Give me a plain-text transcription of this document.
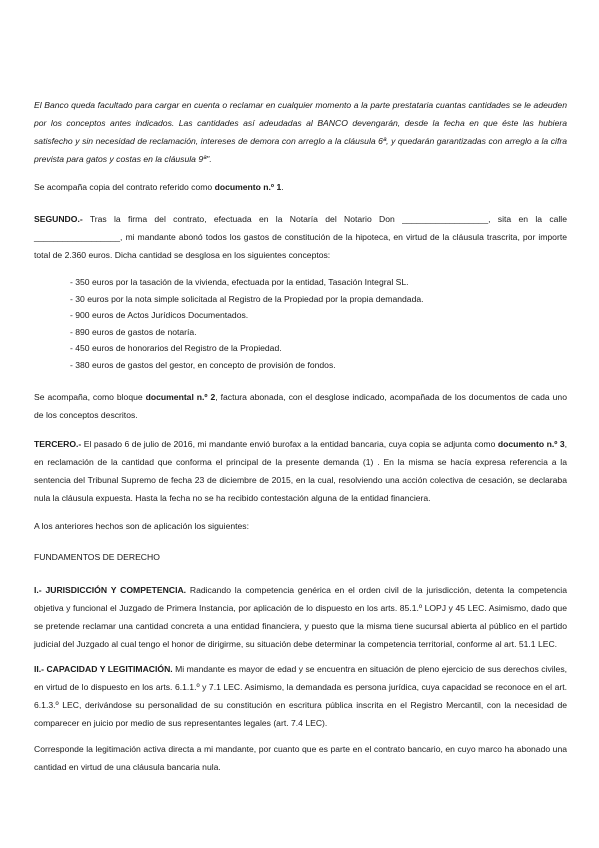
El Banco queda facultado para cargar en cuenta o reclamar en cualquier momento a la parte prestataria cuantas cantidades se le adeuden por los conceptos antes indicados. Las cantidades así adeudadas al BANCO devengarán, desde la fecha en que éste las hubiera satisfecho y sin necesidad de reclamación, intereses de demora con arreglo a la cláusula 6ª, y quedarán garantizadas con arreglo a la cifra prevista para gatos y costas en la cláusula 9ª".

Se acompaña copia del contrato referido como documento n.º 1.

SEGUNDO.- Tras la firma del contrato, efectuada en la Notaría del Notario Don __________________, sita en la calle __________________, mi mandante abonó todos los gastos de constitución de la hipoteca, en virtud de la cláusula trascrita, por importe total de 2.360 euros. Dicha cantidad se desglosa en los siguientes conceptos:

- 350 euros por la tasación de la vivienda, efectuada por la entidad, Tasación Integral SL.
- 30 euros por la nota simple solicitada al Registro de la Propiedad por la propia demandada.
- 900 euros de Actos Jurídicos Documentados.
- 890 euros de gastos de notaría.
- 450 euros de honorarios del Registro de la Propiedad.
- 380 euros de gastos del gestor, en concepto de provisión de fondos.

Se acompaña, como bloque documental n.º 2, factura abonada, con el desglose indicado, acompañada de los documentos de cada uno de los conceptos descritos.

TERCERO.- El pasado 6 de julio de 2016, mi mandante envió burofax a la entidad bancaria, cuya copia se adjunta como documento n.º 3, en reclamación de la cantidad que conforma el principal de la presente demanda (1) . En la misma se hacía expresa referencia a la sentencia del Tribunal Supremo de fecha 23 de diciembre de 2015, en la cual, resolviendo una acción colectiva de cesación, se declaraba nula la cláusula expuesta. Hasta la fecha no se ha recibido contestación alguna de la entidad financiera.

A los anteriores hechos son de aplicación los siguientes:

FUNDAMENTOS DE DERECHO

I.- JURISDICCIÓN Y COMPETENCIA. Radicando la competencia genérica en el orden civil de la jurisdicción, detenta la competencia objetiva y funcional el Juzgado de Primera Instancia, por aplicación de lo dispuesto en los arts. 85.1.º LOPJ y 45 LEC. Asimismo, dado que se pretende reclamar una cantidad concreta a una entidad financiera, y puesto que la misma tiene sucursal abierta al público en el partido judicial del Juzgado al cual tengo el honor de dirigirme, su situación debe determinar la competencia territorial, conforme al art. 51.1 LEC.

II.- CAPACIDAD Y LEGITIMACIÓN. Mi mandante es mayor de edad y se encuentra en situación de pleno ejercicio de sus derechos civiles, en virtud de lo dispuesto en los arts. 6.1.1.º y 7.1 LEC. Asimismo, la demandada es persona jurídica, cuya capacidad se reconoce en el art. 6.1.3.º LEC, derivándose su personalidad de su constitución en escritura pública inscrita en el Registro Mercantil, con la necesidad de comparecer en juicio por medio de sus representantes legales (art. 7.4 LEC).

Corresponde la legitimación activa directa a mi mandante, por cuanto que es parte en el contrato bancario, en cuyo marco ha abonado una cantidad en virtud de una cláusula bancaria nula.
